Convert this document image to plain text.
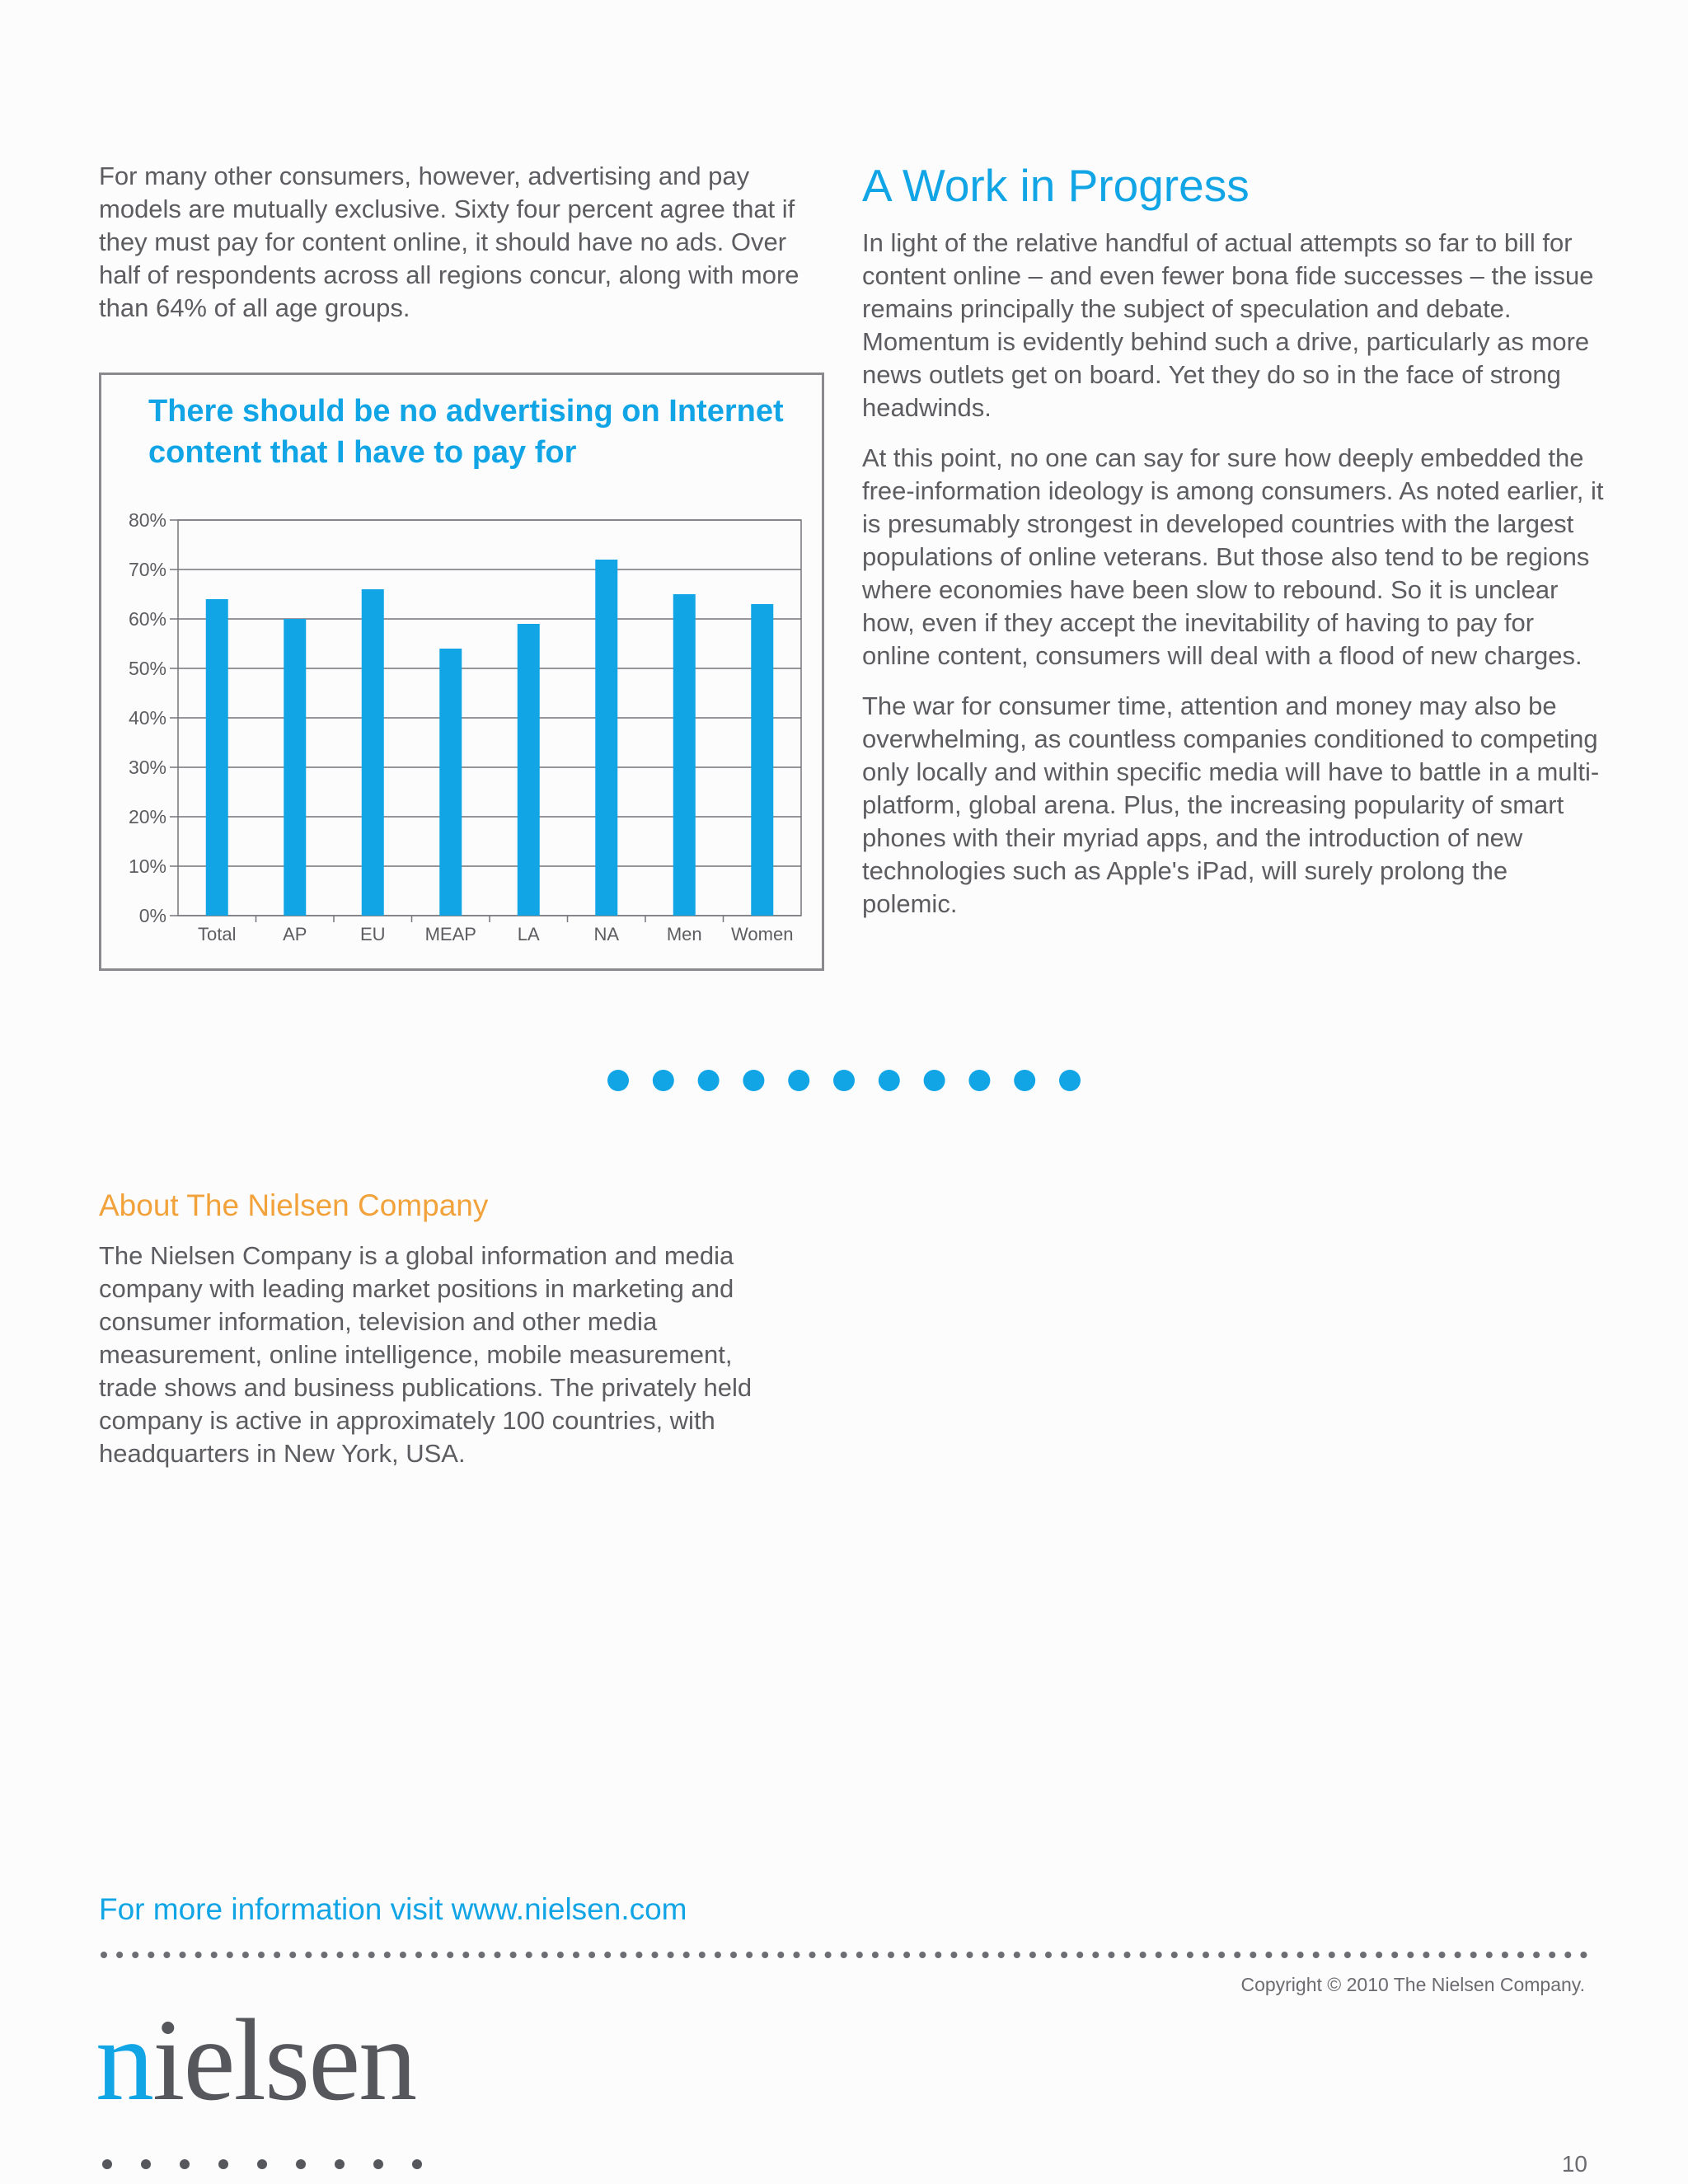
For many other consumers, however, advertising and pay models are mutually exclusive. Sixty four percent agree that if they must pay for content online, it should have no ads. Over half of respondents across all regions concur, along with more than 64% of all age groups.

There should be no advertising on Internet content that I have to pay for
0%
10%
20%
30%
40%
50%
60%
70%
80%
Total	AP	EU MEAP LA	NA	Men Women
A Work in Progress

In light of the relative handful of actual attempts so far to bill for content online – and even fewer bona fide successes – the issue remains principally the subject of speculation and debate. Momentum is evidently behind such a drive, particularly as more news outlets get on board. Yet they do so in the face of strong headwinds.

At this point, no one can say for sure how deeply embedded the free-information ideology is among consumers. As noted earlier, it is presumably strongest in developed countries with the largest populations of online veterans. But those also tend to be regions where economies have been slow to rebound. So it is unclear how, even if they accept the inevitability of having to pay for online content, consumers will deal with a flood of new charges.

The war for consumer time, attention and money may also be overwhelming, as countless companies conditioned to competing only locally and within specific media will have to battle in a multi-platform, global arena. Plus, the increasing popularity of smart phones with their myriad apps, and the introduction of new technologies such as Apple's iPad, will surely prolong the polemic.

About The Nielsen Company

The Nielsen Company is a global information and media company with leading market positions in marketing and consumer information, television and other media measurement, online intelligence, mobile measurement, trade shows and business publications. The privately held company is active in approximately 100 countries, with headquarters in New York, USA.

For more information visit www.nielsen.com
Copyright © 2010 The Nielsen Company.
nielsen
10
